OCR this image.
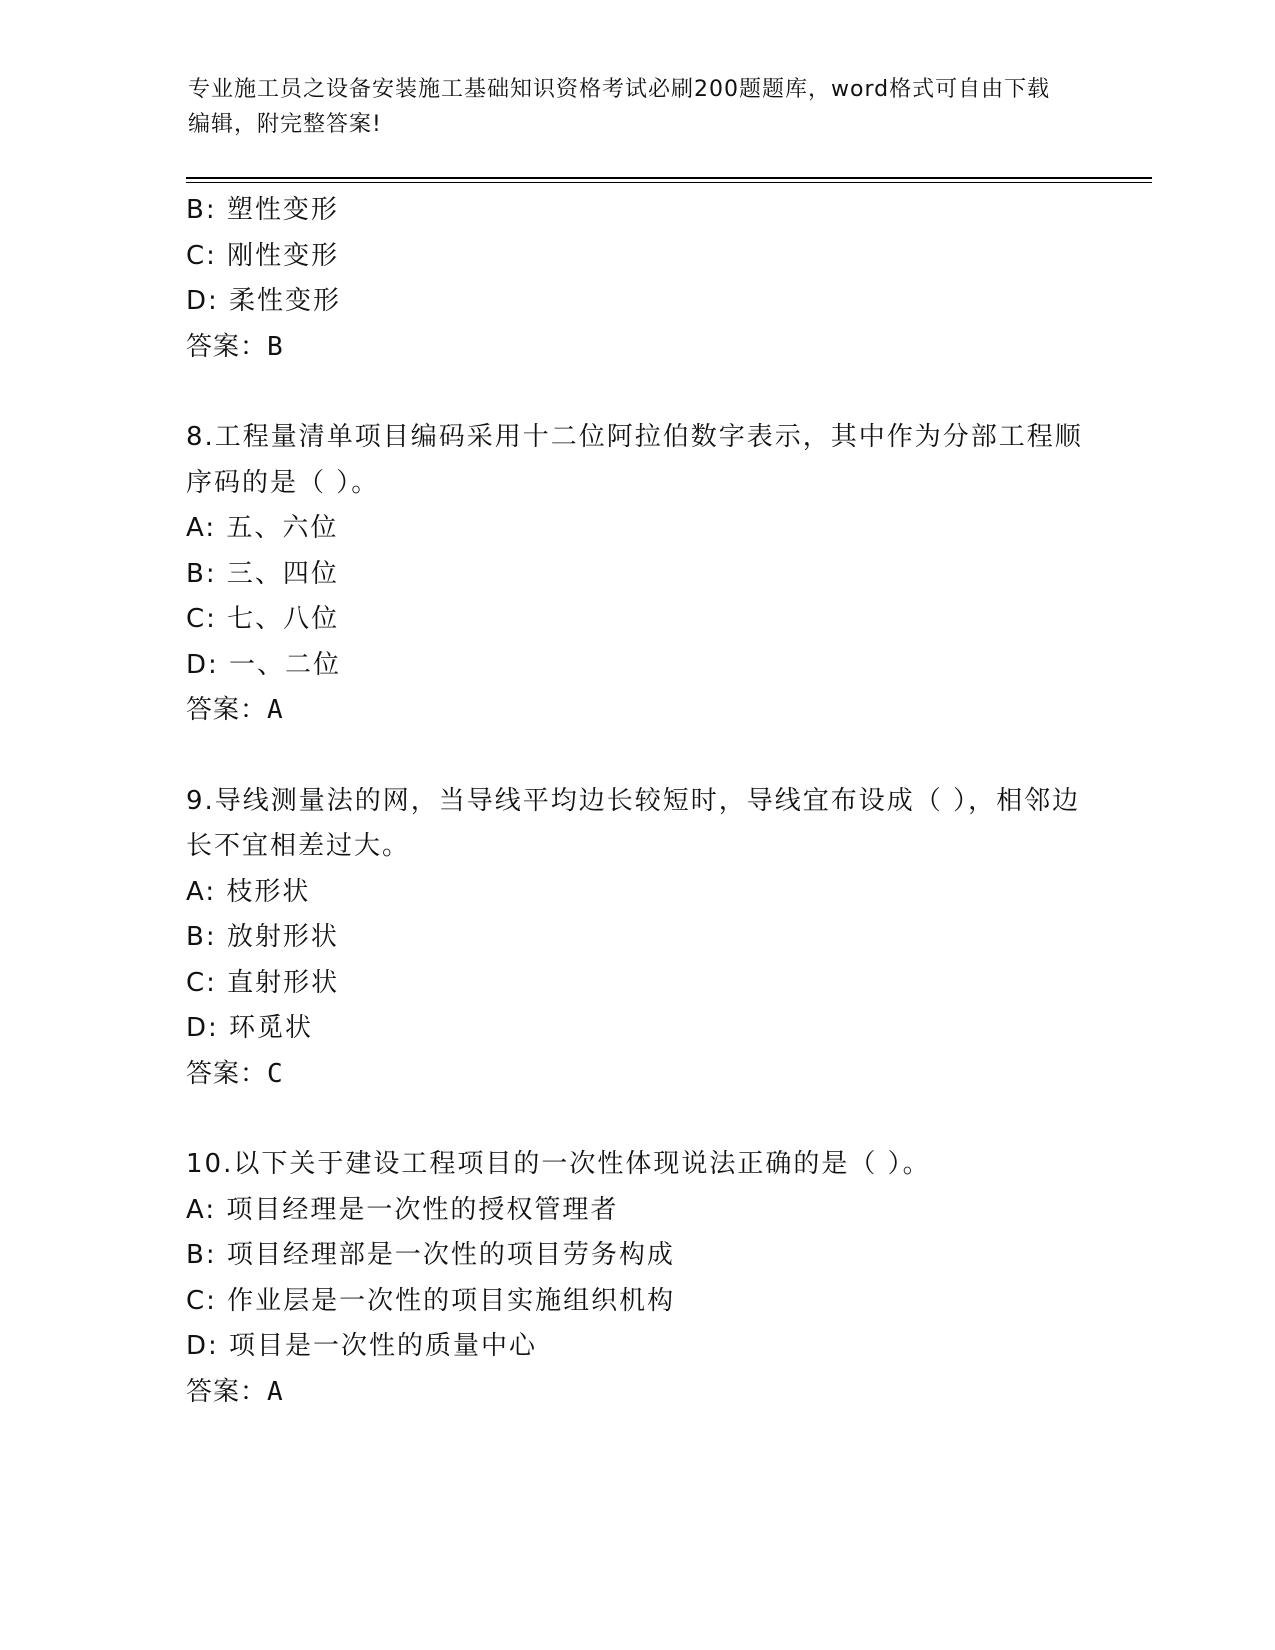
专业施工员之设备安装施工基础知识资格考试必刷200题题库，word格式可自由下载编辑，附完整答案!
B: 塑性变形
C: 刚性变形
D: 柔性变形
答案：B
8.工程量清单项目编码采用十二位阿拉伯数字表示，其中作为分部工程顺序码的是（ ）。
A: 五、六位
B: 三、四位
C: 七、八位
D: 一、二位
答案：A
9.导线测量法的网，当导线平均边长较短时，导线宜布设成（ ），相邻边长不宜相差过大。
A: 枝形状
B: 放射形状
C: 直射形状
D: 环觅状
答案：C
10.以下关于建设工程项目的一次性体现说法正确的是（ ）。
A: 项目经理是一次性的授权管理者
B: 项目经理部是一次性的项目劳务构成
C: 作业层是一次性的项目实施组织机构
D: 项目是一次性的质量中心
答案：A
